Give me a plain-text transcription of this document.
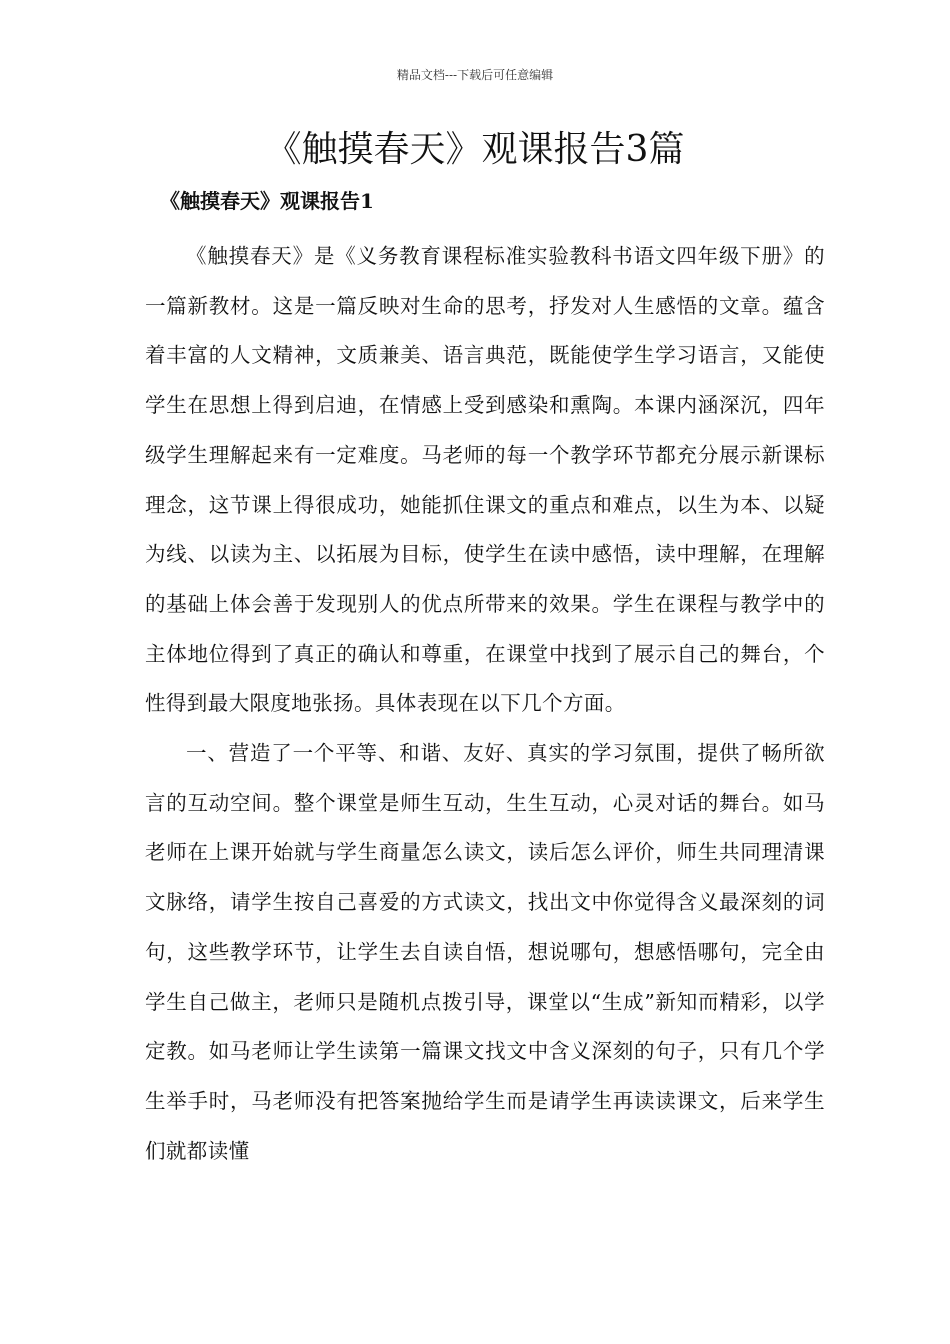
精品文档---下载后可任意编辑
《触摸春天》观课报告3篇
《触摸春天》观课报告1

《触摸春天》是《义务教育课程标准实验教科书语文四年级下册》的一篇新教材。这是一篇反映对生命的思考，抒发对人生感悟的文章。蕴含着丰富的人文精神，文质兼美、语言典范，既能使学生学习语言，又能使学生在思想上得到启迪，在情感上受到感染和熏陶。本课内涵深沉，四年级学生理解起来有一定难度。马老师的每一个教学环节都充分展示新课标理念，这节课上得很成功，她能抓住课文的重点和难点，以生为本、以疑为线、以读为主、以拓展为目标，使学生在读中感悟，读中理解，在理解的基础上体会善于发现别人的优点所带来的效果。学生在课程与教学中的主体地位得到了真正的确认和尊重，在课堂中找到了展示自己的舞台，个性得到最大限度地张扬。具体表现在以下几个方面。

一、营造了一个平等、和谐、友好、真实的学习氛围，提供了畅所欲言的互动空间。整个课堂是师生互动，生生互动，心灵对话的舞台。如马老师在上课开始就与学生商量怎么读文，读后怎么评价，师生共同理清课文脉络，请学生按自己喜爱的方式读文，找出文中你觉得含义最深刻的词句，这些教学环节，让学生去自读自悟，想说哪句，想感悟哪句，完全由学生自己做主，老师只是随机点拨引导，课堂以“生成”新知而精彩，以学定教。如马老师让学生读第一篇课文找文中含义深刻的句子，只有几个学生举手时，马老师没有把答案抛给学生而是请学生再读读课文，后来学生们就都读懂
